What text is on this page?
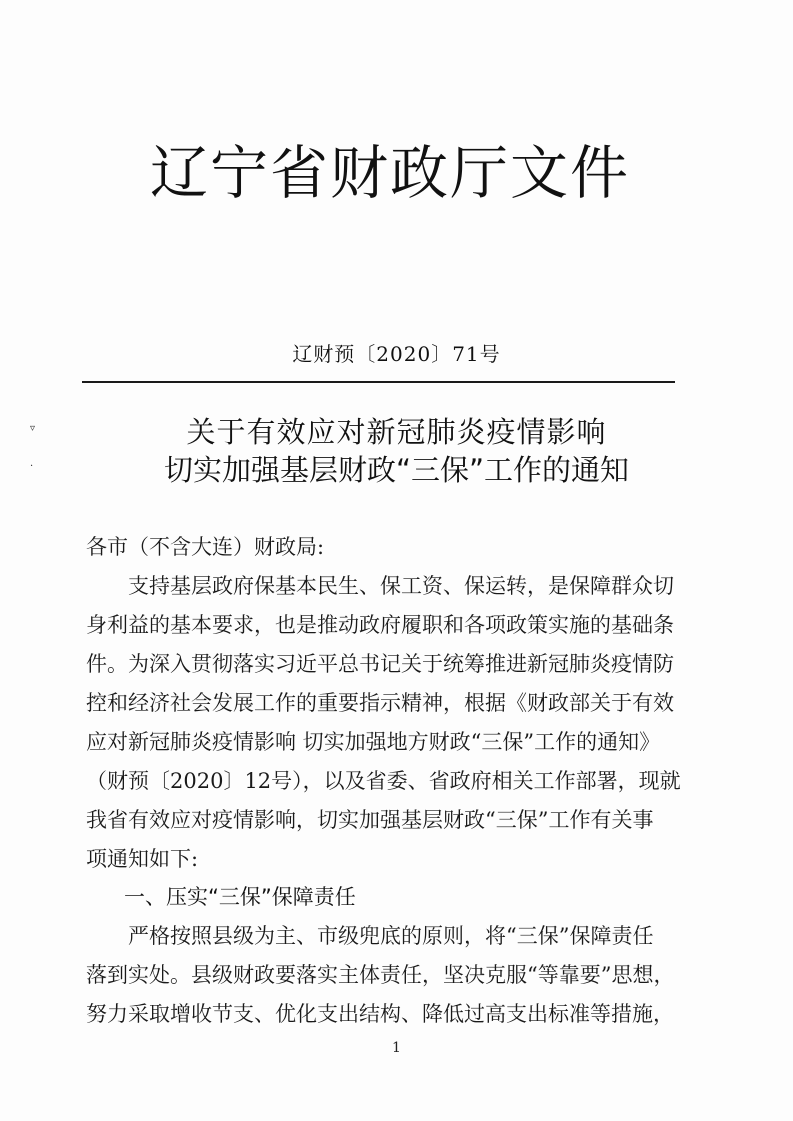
辽宁省财政厅文件
辽财预〔2020〕71号
▿
·
关于有效应对新冠肺炎疫情影响
切实加强基层财政“三保”工作的通知
各市（不含大连）财政局:
　　支持基层政府保基本民生、保工资、保运转，是保障群众切
身利益的基本要求，也是推动政府履职和各项政策实施的基础条
件。为深入贯彻落实习近平总书记关于统筹推进新冠肺炎疫情防
控和经济社会发展工作的重要指示精神，根据《财政部关于有效
应对新冠肺炎疫情影响 切实加强地方财政“三保”工作的通知》
（财预〔2020〕12号），以及省委、省政府相关工作部署，现就
我省有效应对疫情影响，切实加强基层财政“三保”工作有关事
项通知如下:
一、压实“三保”保障责任
　　严格按照县级为主、市级兜底的原则，将“三保”保障责任
落到实处。县级财政要落实主体责任，坚决克服“等靠要”思想，
努力采取增收节支、优化支出结构、降低过高支出标准等措施，
1
